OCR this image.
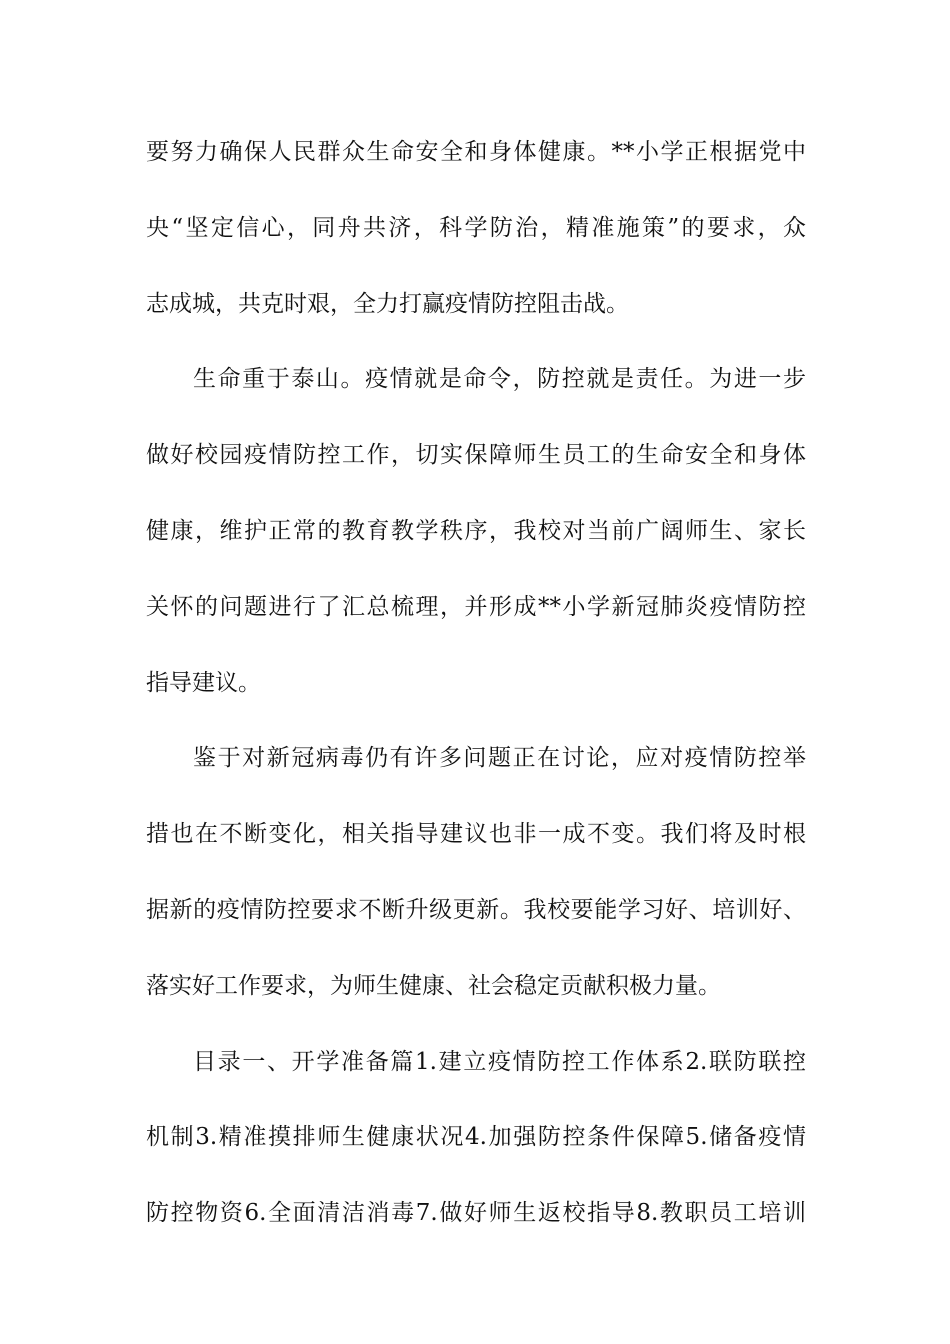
要努力确保人民群众生命安全和身体健康。**小学正根据党中
央“坚定信心，同舟共济，科学防治，精准施策”的要求，众
志成城，共克时艰，全力打赢疫情防控阻击战。
生命重于泰山。疫情就是命令，防控就是责任。为进一步
做好校园疫情防控工作，切实保障师生员工的生命安全和身体
健康，维护正常的教育教学秩序，我校对当前广阔师生、家长
关怀的问题进行了汇总梳理，并形成**小学新冠肺炎疫情防控
指导建议。
鉴于对新冠病毒仍有许多问题正在讨论，应对疫情防控举
措也在不断变化，相关指导建议也非一成不变。我们将及时根
据新的疫情防控要求不断升级更新。我校要能学习好、培训好、
落实好工作要求，为师生健康、社会稳定贡献积极力量。
目录一、开学准备篇1.建立疫情防控工作体系2.联防联控
机制3.精准摸排师生健康状况4.加强防控条件保障5.储备疫情
防控物资6.全面清洁消毒7.做好师生返校指导8.教职员工培训
